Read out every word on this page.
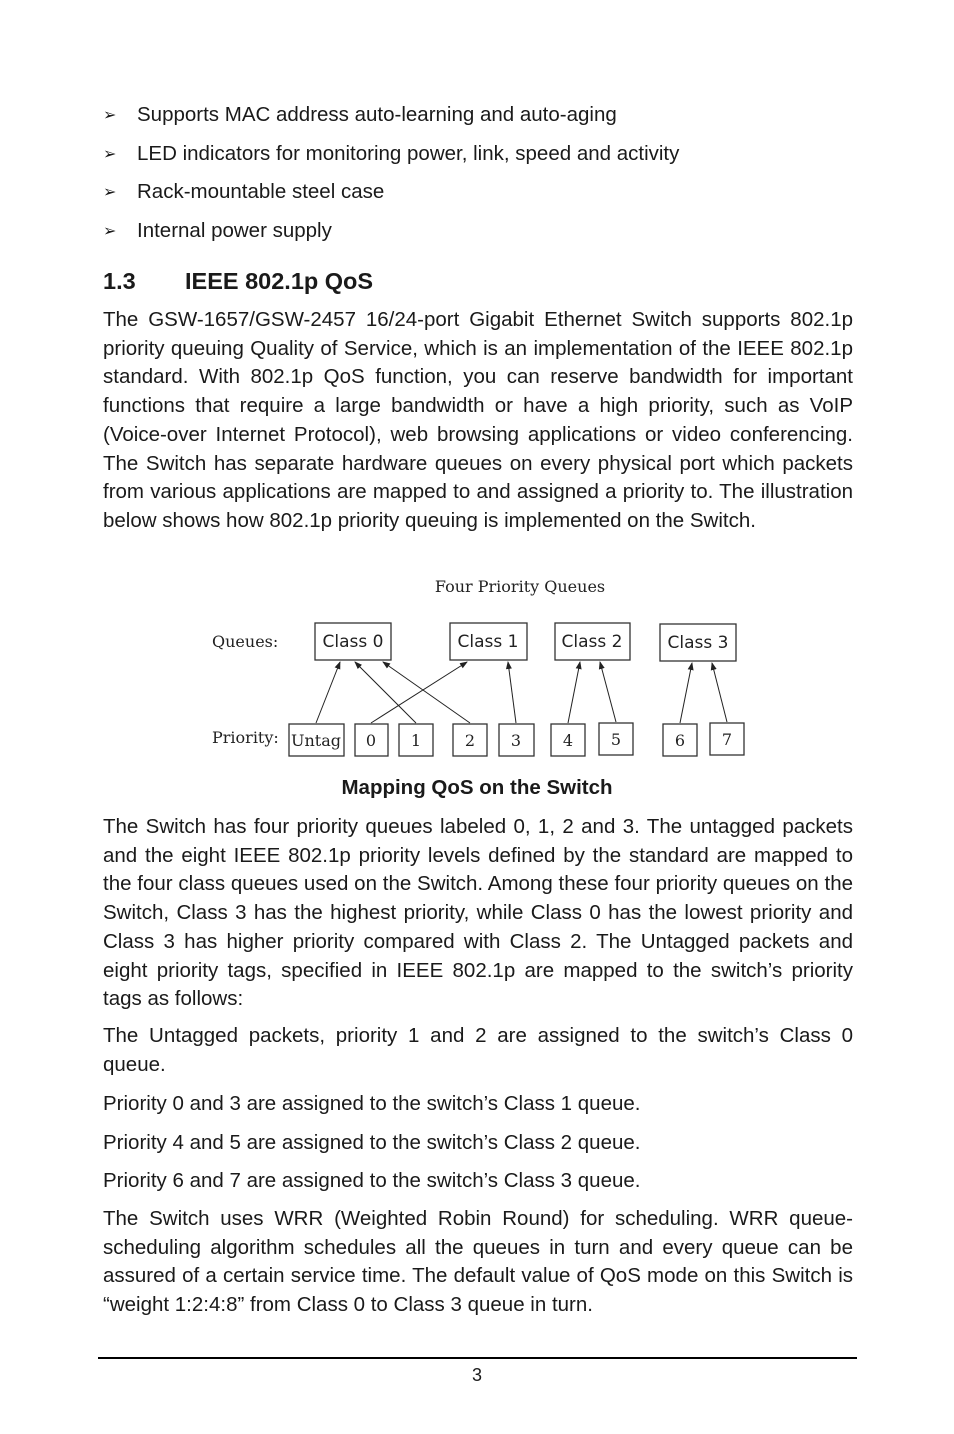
➢	Supports MAC address auto-learning and auto-aging
➢	LED indicators for monitoring power, link, speed and activity
➢	Rack-mountable steel case
➢	Internal power supply
1.3 IEEE 802.1p QoS

The GSW-1657/GSW-2457 16/24-port Gigabit Ethernet Switch supports 802.1p priority queuing Quality of Service, which is an implementation of the IEEE 802.1p standard. With 802.1p QoS function, you can reserve bandwidth for important functions that require a large bandwidth or have a high priority, such as VoIP (Voice-over Internet Protocol), web browsing applications or video conferencing. The Switch has separate hardware queues on every physical port which packets from various applications are mapped to and assigned a priority to. The illustration below shows how 802.1p priority queuing is implemented on the Switch.

Four Priority Queues
Queues:
Priority:
Class 0	Class 1	Class 2	Class 3
Untag 0 1	2 3	4 5	6 7
Mapping QoS on the Switch

The Switch has four priority queues labeled 0, 1, 2 and 3. The untagged packets and the eight IEEE 802.1p priority levels defined by the standard are mapped to the four class queues used on the Switch. Among these four priority queues on the Switch, Class 3 has the highest priority, while Class 0 has the lowest priority and Class 3 has higher priority compared with Class 2. The Untagged packets and eight priority tags, specified in IEEE 802.1p are mapped to the switch’s priority tags as follows:

The Untagged packets, priority 1 and 2 are assigned to the switch’s Class 0 queue.

Priority 0 and 3 are assigned to the switch’s Class 1 queue.

Priority 4 and 5 are assigned to the switch’s Class 2 queue.

Priority 6 and 7 are assigned to the switch’s Class 3 queue.

The Switch uses WRR (Weighted Robin Round) for scheduling. WRR queue-scheduling algorithm schedules all the queues in turn and every queue can be assured of a certain service time. The default value of QoS mode on this Switch is “weight 1:2:4:8” from Class 0 to Class 3 queue in turn.

3
